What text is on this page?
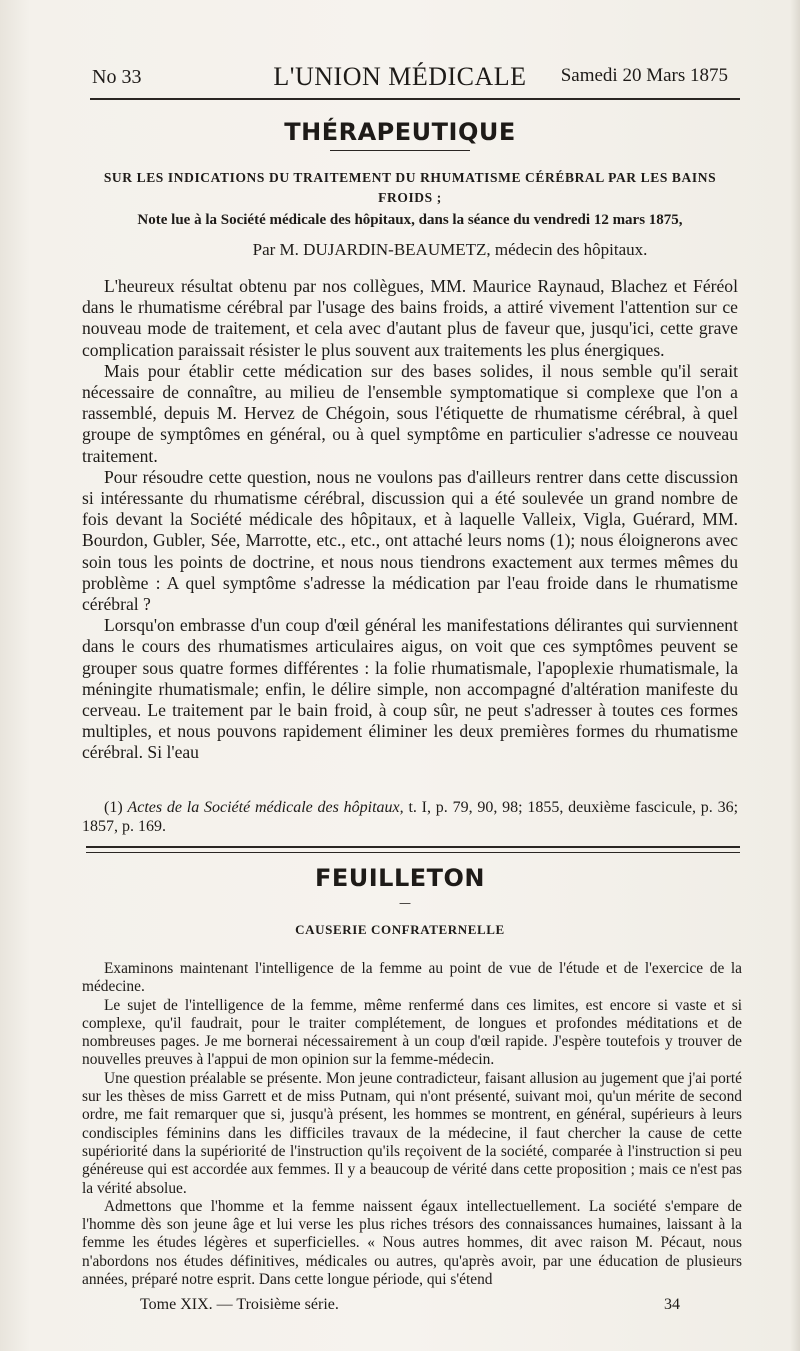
No 33	L'UNION MÉDICALE	Samedi 20 Mars 1875
THÉRAPEUTIQUE
SUR LES INDICATIONS DU TRAITEMENT DU RHUMATISME CÉRÉBRAL PAR LES BAINS FROIDS ;
Note lue à la Société médicale des hôpitaux, dans la séance du vendredi 12 mars 1875,
Par M. DUJARDIN-BEAUMETZ, médecin des hôpitaux.

L'heureux résultat obtenu par nos collègues, MM. Maurice Raynaud, Blachez et Féréol dans le rhumatisme cérébral par l'usage des bains froids, a attiré vivement l'attention sur ce nouveau mode de traitement, et cela avec d'autant plus de faveur que, jusqu'ici, cette grave complication paraissait résister le plus souvent aux traitements les plus énergiques.

Mais pour établir cette médication sur des bases solides, il nous semble qu'il serait nécessaire de connaître, au milieu de l'ensemble symptomatique si complexe que l'on a rassemblé, depuis M. Hervez de Chégoin, sous l'étiquette de rhumatisme cérébral, à quel groupe de symptômes en général, ou à quel symptôme en particulier s'adresse ce nouveau traitement.

Pour résoudre cette question, nous ne voulons pas d'ailleurs rentrer dans cette discussion si intéressante du rhumatisme cérébral, discussion qui a été soulevée un grand nombre de fois devant la Société médicale des hôpitaux, et à laquelle Valleix, Vigla, Guérard, MM. Bourdon, Gubler, Sée, Marrotte, etc., etc., ont attaché leurs noms (1); nous éloignerons avec soin tous les points de doctrine, et nous nous tiendrons exactement aux termes mêmes du problème : A quel symptôme s'adresse la médication par l'eau froide dans le rhumatisme cérébral ?

Lorsqu'on embrasse d'un coup d'œil général les manifestations délirantes qui surviennent dans le cours des rhumatismes articulaires aigus, on voit que ces symptômes peuvent se grouper sous quatre formes différentes : la folie rhumatismale, l'apoplexie rhumatismale, la méningite rhumatismale; enfin, le délire simple, non accompagné d'altération manifeste du cerveau. Le traitement par le bain froid, à coup sûr, ne peut s'adresser à toutes ces formes multiples, et nous pouvons rapidement éliminer les deux premières formes du rhumatisme cérébral. Si l'eau

(1) Actes de la Société médicale des hôpitaux, t. I, p. 79, 90, 98; 1855, deuxième fascicule, p. 36; 1857, p. 169.
FEUILLETON
—
CAUSERIE CONFRATERNELLE

Examinons maintenant l'intelligence de la femme au point de vue de l'étude et de l'exercice de la médecine.

Le sujet de l'intelligence de la femme, même renfermé dans ces limites, est encore si vaste et si complexe, qu'il faudrait, pour le traiter complétement, de longues et profondes méditations et de nombreuses pages. Je me bornerai nécessairement à un coup d'œil rapide. J'espère toutefois y trouver de nouvelles preuves à l'appui de mon opinion sur la femme-médecin.

Une question préalable se présente. Mon jeune contradicteur, faisant allusion au jugement que j'ai porté sur les thèses de miss Garrett et de miss Putnam, qui n'ont présenté, suivant moi, qu'un mérite de second ordre, me fait remarquer que si, jusqu'à présent, les hommes se montrent, en général, supérieurs à leurs condisciples féminins dans les difficiles travaux de la médecine, il faut chercher la cause de cette supériorité dans la supériorité de l'instruction qu'ils reçoivent de la société, comparée à l'instruction si peu généreuse qui est accordée aux femmes. Il y a beaucoup de vérité dans cette proposition ; mais ce n'est pas la vérité absolue.

Admettons que l'homme et la femme naissent égaux intellectuellement. La société s'empare de l'homme dès son jeune âge et lui verse les plus riches trésors des connaissances humaines, laissant à la femme les études légères et superficielles. « Nous autres hommes, dit avec raison M. Pécaut, nous n'abordons nos études définitives, médicales ou autres, qu'après avoir, par une éducation de plusieurs années, préparé notre esprit. Dans cette longue période, qui s'étend

Tome XIX. — Troisième série.	34
